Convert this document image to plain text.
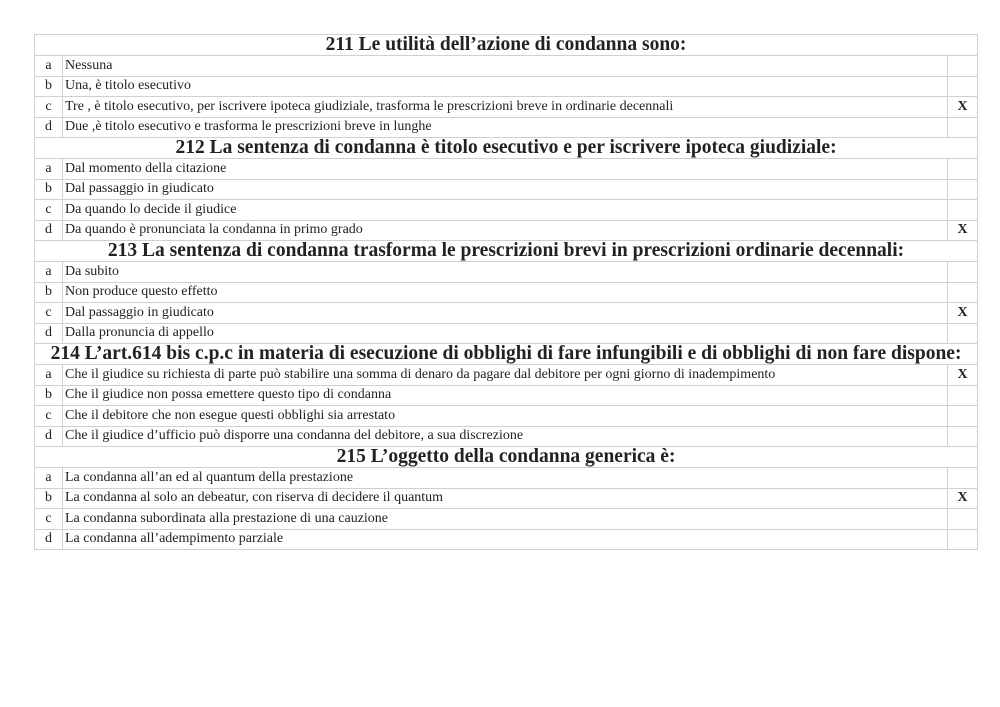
211 Le utilità dell’azione di condanna sono:		
a	Nessuna	
b	Una, è titolo esecutivo	
c	Tre , è titolo esecutivo, per iscrivere ipoteca giudiziale, trasforma le prescrizioni breve in ordinarie decennali	X
d	Due ,è titolo esecutivo e trasforma le prescrizioni breve in lunghe	
212 La sentenza di condanna è titolo esecutivo e per iscrivere ipoteca giudiziale:		
a	Dal momento della citazione	
b	Dal passaggio in giudicato	
c	Da quando lo decide il giudice	
d	Da quando è pronunciata la condanna in primo grado	X
213 La sentenza di condanna trasforma le prescrizioni brevi in prescrizioni ordinarie decennali:		
a	Da subito	
b	Non produce questo effetto	
c	Dal passaggio in giudicato	X
d	Dalla pronuncia di appello	
214 L’art.614 bis c.p.c in materia di esecuzione di obblighi di fare infungibili e di obblighi di non fare dispone:		
a	Che il giudice su richiesta di parte può stabilire una somma di denaro da pagare dal debitore per ogni giorno di inadempimento	X
b	Che il giudice non possa emettere questo tipo di condanna	
c	Che il debitore che non esegue questi obblighi sia arrestato	
d	Che il giudice d’ufficio può disporre una condanna del debitore, a sua discrezione	
215 L’oggetto della condanna generica è:		
a	La condanna all’an ed al quantum della prestazione	
b	La condanna al solo an debeatur, con riserva di decidere il quantum	X
c	La condanna subordinata alla prestazione di una cauzione	
d	La condanna all’adempimento parziale	
